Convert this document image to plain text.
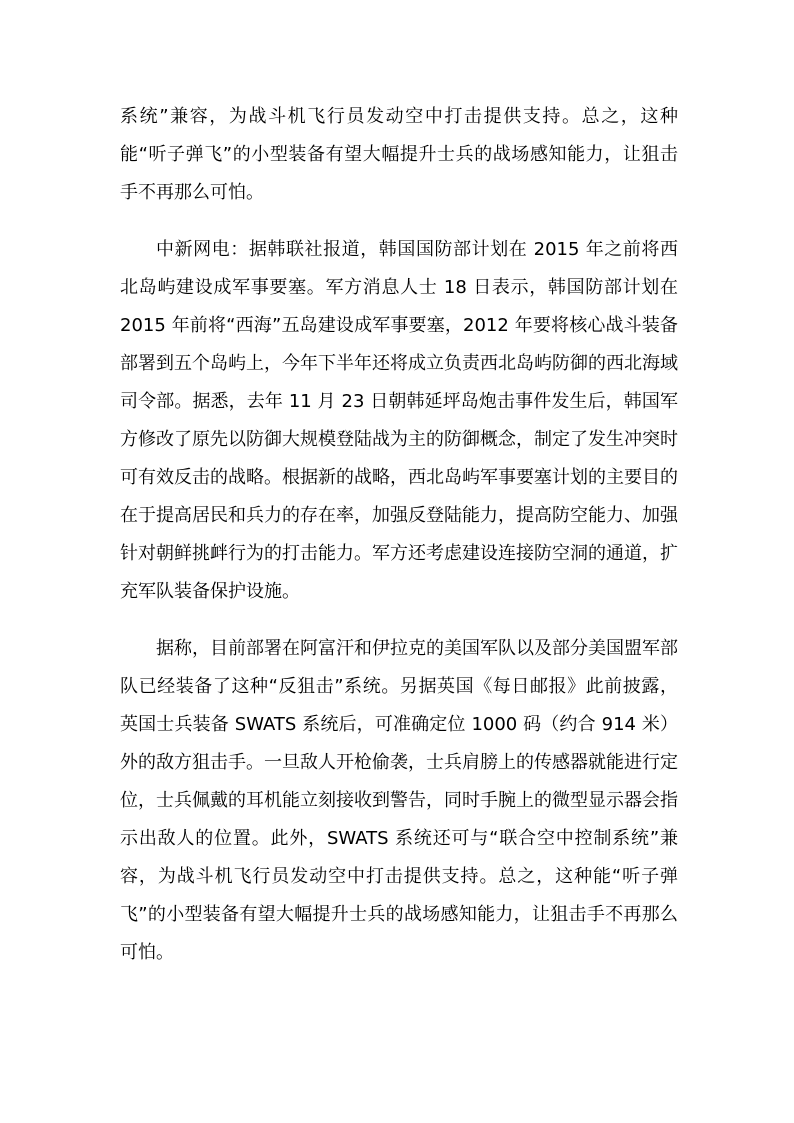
系统”兼容，为战斗机飞行员发动空中打击提供支持。总之，这种能“听子弹飞”的小型装备有望大幅提升士兵的战场感知能力，让狙击手不再那么可怕。

中新网电：据韩联社报道，韩国国防部计划在 2015 年之前将西北岛屿建设成军事要塞。军方消息人士 18 日表示，韩国防部计划在 2015 年前将“西海”五岛建设成军事要塞，2012 年要将核心战斗装备部署到五个岛屿上，今年下半年还将成立负责西北岛屿防御的西北海域司令部。据悉，去年 11 月 23 日朝韩延坪岛炮击事件发生后，韩国军方修改了原先以防御大规模登陆战为主的防御概念，制定了发生冲突时可有效反击的战略。根据新的战略，西北岛屿军事要塞计划的主要目的在于提高居民和兵力的存在率，加强反登陆能力，提高防空能力、加强针对朝鲜挑衅行为的打击能力。军方还考虑建设连接防空洞的通道，扩充军队装备保护设施。

据称，目前部署在阿富汗和伊拉克的美国军队以及部分美国盟军部队已经装备了这种“反狙击”系统。另据英国《每日邮报》此前披露，英国士兵装备 SWATS 系统后，可准确定位 1000 码（约合 914 米）外的敌方狙击手。一旦敌人开枪偷袭，士兵肩膀上的传感器就能进行定位，士兵佩戴的耳机能立刻接收到警告，同时手腕上的微型显示器会指示出敌人的位置。此外，SWATS 系统还可与“联合空中控制系统”兼容，为战斗机飞行员发动空中打击提供支持。总之，这种能“听子弹飞”的小型装备有望大幅提升士兵的战场感知能力，让狙击手不再那么可怕。
